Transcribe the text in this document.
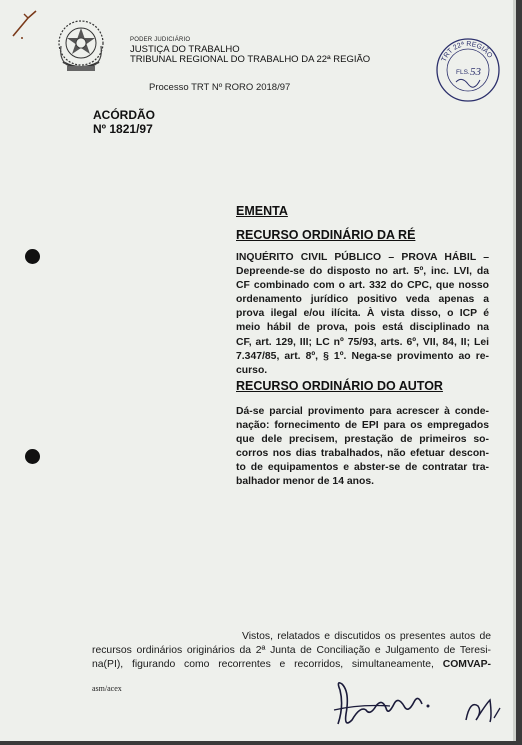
PODER JUDICIÁRIO
JUSTIÇA DO TRABALHO
TRIBUNAL REGIONAL DO TRABALHO DA 22ª REGIÃO	TRT 22ª REGIÃO
FLS. 53
Processo TRT Nº RORO 2018/97
ACÓRDÃO
Nº 1821/97
EMENTA
RECURSO ORDINÁRIO DA RÉ
INQUÉRITO CIVIL PÚBLICO – PROVA HÁBIL –
Depreende-se do disposto no art. 5º, inc. LVI, da
CF combinado com o art. 332 do CPC, que nosso
ordenamento jurídico positivo veda apenas a
prova ilegal e/ou ilícita. À vista disso, o ICP é
meio hábil de prova, pois está disciplinado na
CF, art. 129, III; LC nº 75/93, arts. 6º, VII, 84, II; Lei
7.347/85, art. 8º, § 1º. Nega-se provimento ao re-
curso.
RECURSO ORDINÁRIO DO AUTOR
Dá-se parcial provimento para acrescer à conde-
nação: fornecimento de EPI para os empregados
que dele precisem, prestação de primeiros so-
corros nos dias trabalhados, não efetuar descon-
to de equipamentos e abster-se de contratar tra-
balhador menor de 14 anos.
Vistos, relatados e discutidos os presentes autos de
recursos ordinários originários da 2ª Junta de Conciliação e Julgamento de Teresi-
na(PI), figurando como recorrentes e recorridos, simultaneamente, COMVAP-
asm/acex
